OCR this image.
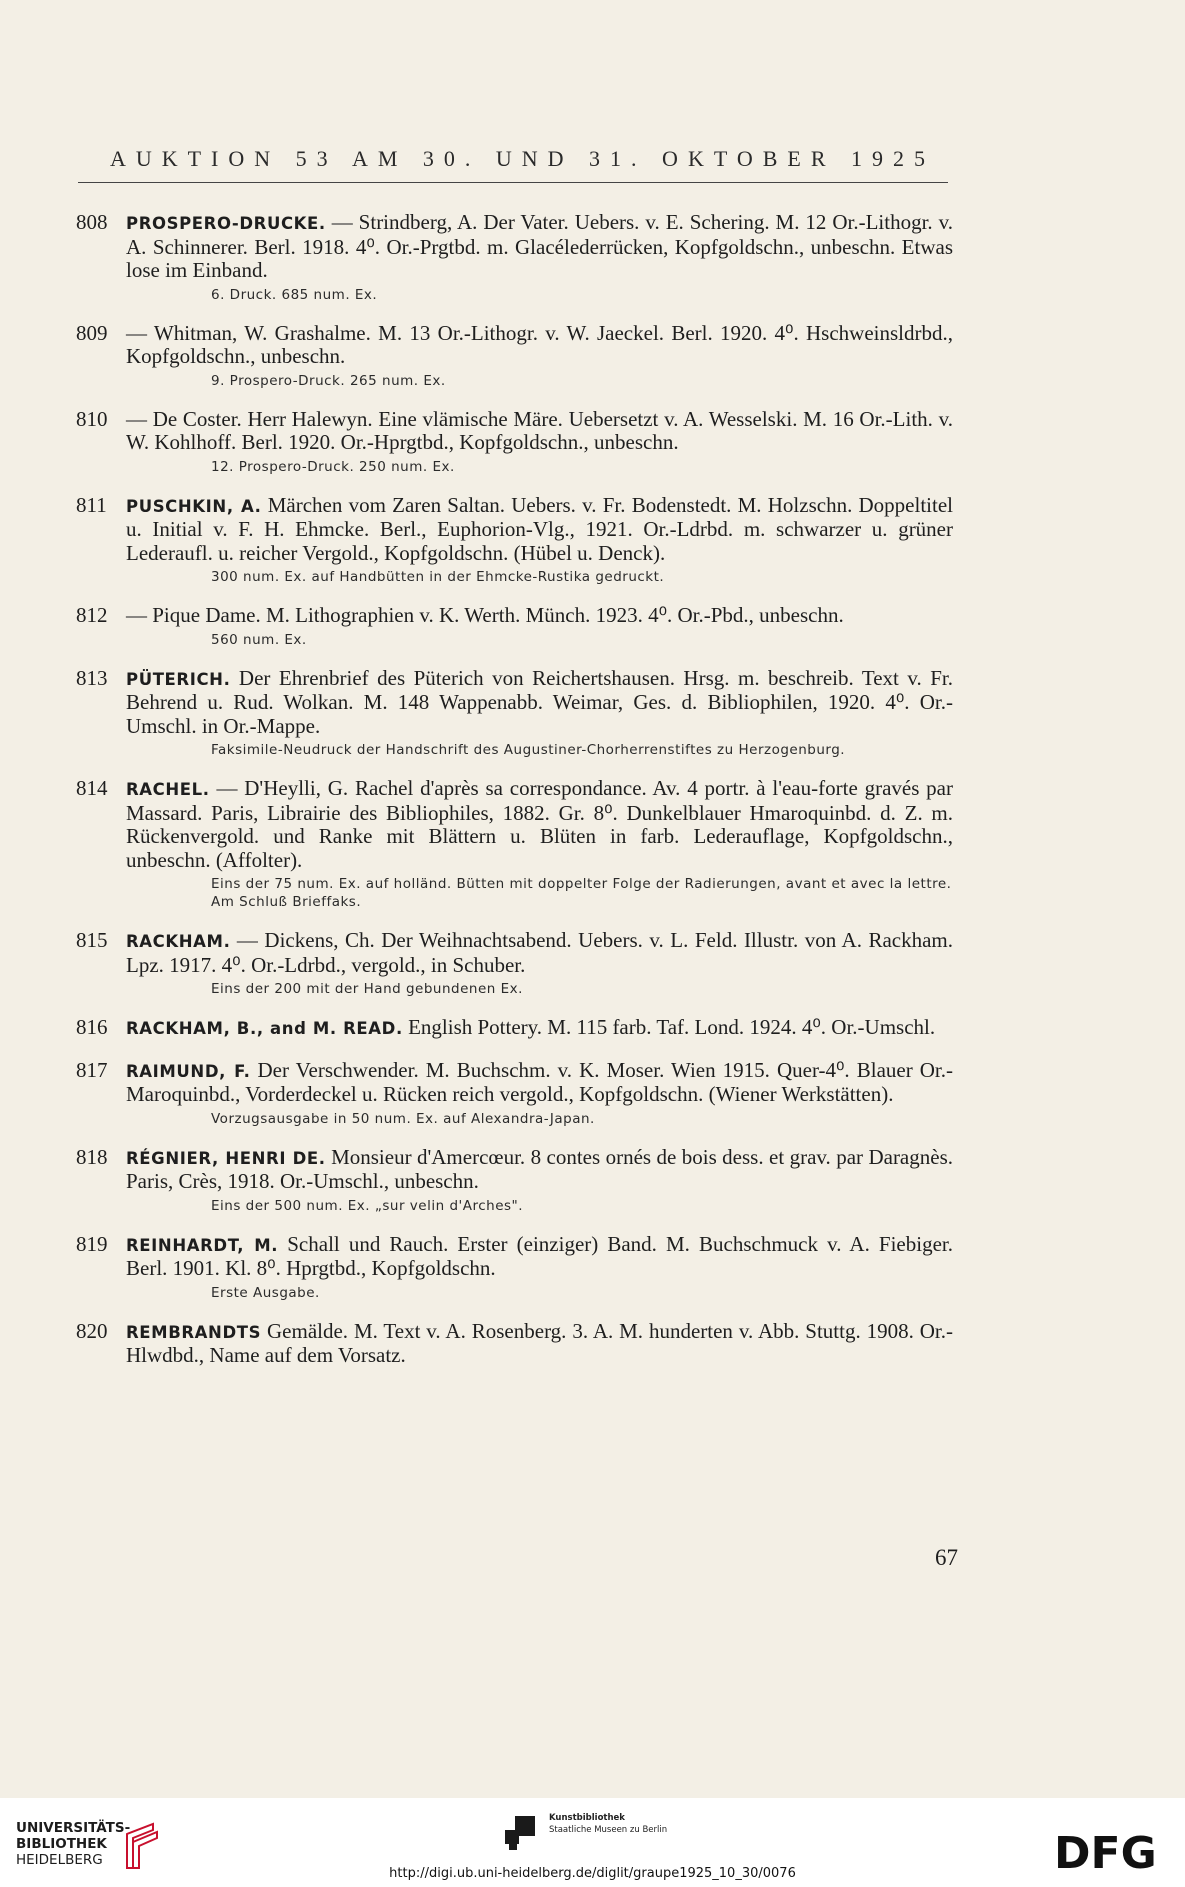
AUKTION 53 AM 30. UND 31. OKTOBER 1925
808 PROSPERO-DRUCKE. — Strindberg, A. Der Vater. Uebers. v. E. Schering. M. 12 Or.-Lithogr. v. A. Schinnerer. Berl. 1918. 4⁰. Or.-Prgtbd. m. Glacélederrücken, Kopfgoldschn., unbeschn. Etwas lose im Einband.
6. Druck. 685 num. Ex.
809 — Whitman, W. Grashalme. M. 13 Or.-Lithogr. v. W. Jaeckel. Berl. 1920. 4⁰. Hschweinsldrbd., Kopfgoldschn., unbeschn.
9. Prospero-Druck. 265 num. Ex.
810 — De Coster. Herr Halewyn. Eine vlämische Märe. Uebersetzt v. A. Wesselski. M. 16 Or.-Lith. v. W. Kohlhoff. Berl. 1920. Or.-Hprgtbd., Kopfgoldschn., unbeschn.
12. Prospero-Druck. 250 num. Ex.
811 PUSCHKIN, A. Märchen vom Zaren Saltan. Uebers. v. Fr. Bodenstedt. M. Holzschn. Doppeltitel u. Initial v. F. H. Ehmcke. Berl., Euphorion-Vlg., 1921. Or.-Ldrbd. m. schwarzer u. grüner Lederaufl. u. reicher Vergold., Kopfgoldschn. (Hübel u. Denck).
300 num. Ex. auf Handbütten in der Ehmcke-Rustika gedruckt.
812 — Pique Dame. M. Lithographien v. K. Werth. Münch. 1923. 4⁰. Or.-Pbd., unbeschn.
560 num. Ex.
813 PÜTERICH. Der Ehrenbrief des Püterich von Reichertshausen. Hrsg. m. beschreib. Text v. Fr. Behrend u. Rud. Wolkan. M. 148 Wappenabb. Weimar, Ges. d. Bibliophilen, 1920. 4⁰. Or.-Umschl. in Or.-Mappe.
Faksimile-Neudruck der Handschrift des Augustiner-Chorherrenstiftes zu Herzogenburg.
814 RACHEL. — D'Heylli, G. Rachel d'après sa correspondance. Av. 4 portr. à l'eau-forte gravés par Massard. Paris, Librairie des Bibliophiles, 1882. Gr. 8⁰. Dunkelblauer Hmaroquinbd. d. Z. m. Rückenvergold. und Ranke mit Blättern u. Blüten in farb. Lederauflage, Kopfgoldschn., unbeschn. (Affolter).
Eins der 75 num. Ex. auf holländ. Bütten mit doppelter Folge der Radierungen, avant et avec la lettre. Am Schluß Brieffaks.
815 RACKHAM. — Dickens, Ch. Der Weihnachtsabend. Uebers. v. L. Feld. Illustr. von A. Rackham. Lpz. 1917. 4⁰. Or.-Ldrbd., vergold., in Schuber.
Eins der 200 mit der Hand gebundenen Ex.
816 RACKHAM, B., and M. READ. English Pottery. M. 115 farb. Taf. Lond. 1924. 4⁰. Or.-Umschl.
817 RAIMUND, F. Der Verschwender. M. Buchschm. v. K. Moser. Wien 1915. Quer-4⁰. Blauer Or.-Maroquinbd., Vorderdeckel u. Rücken reich vergold., Kopfgoldschn. (Wiener Werkstätten).
Vorzugsausgabe in 50 num. Ex. auf Alexandra-Japan.
818 RÉGNIER, HENRI DE. Monsieur d'Amercœur. 8 contes ornés de bois dess. et grav. par Daragnès. Paris, Crès, 1918. Or.-Umschl., unbeschn.
Eins der 500 num. Ex. „sur velin d'Arches".
819 REINHARDT, M. Schall und Rauch. Erster (einziger) Band. M. Buchschmuck v. A. Fiebiger. Berl. 1901. Kl. 8⁰. Hprgtbd., Kopfgoldschn.
Erste Ausgabe.
820 REMBRANDTS Gemälde. M. Text v. A. Rosenberg. 3. A. M. hunderten v. Abb. Stuttg. 1908. Or.-Hlwdbd., Name auf dem Vorsatz.
67
UNIVERSITÄTS-
BIBLIOTHEK
HEIDELBERG
Kunstbibliothek
Staatliche Museen zu Berlin	DFG
http://digi.ub.uni-heidelberg.de/diglit/graupe1925_10_30/0076
